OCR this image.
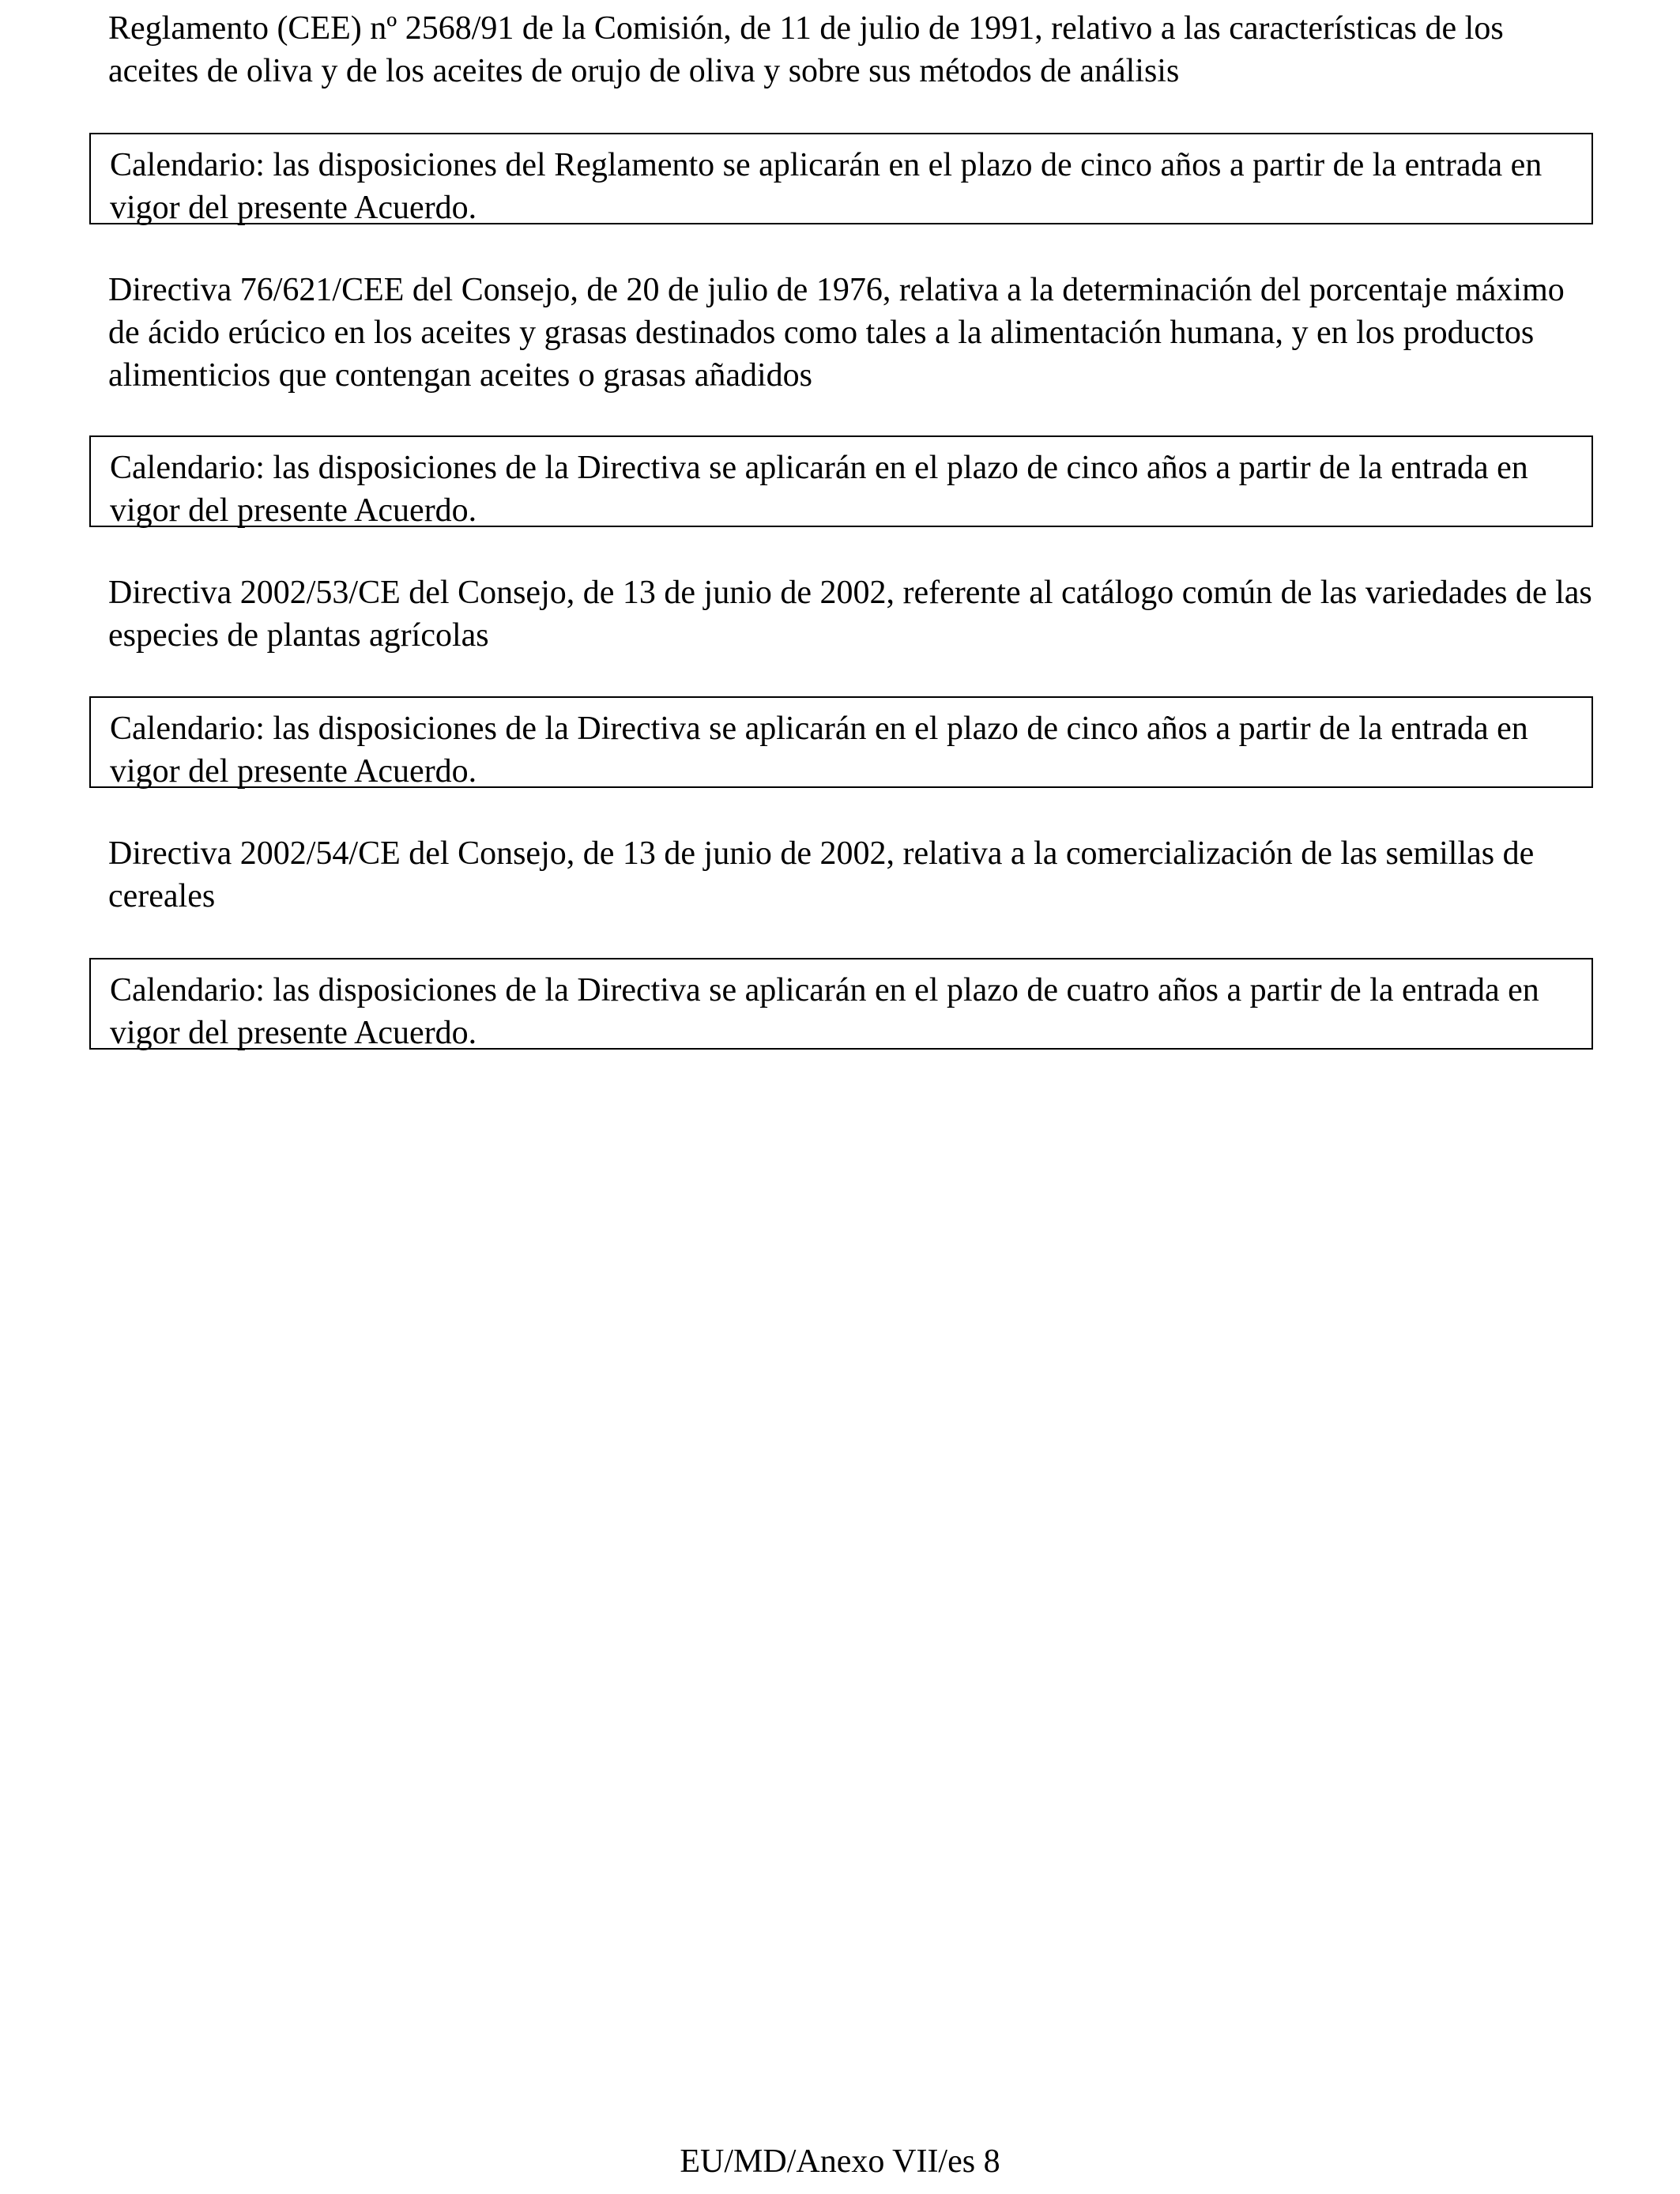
Reglamento (CEE) nº 2568/91 de la Comisión, de 11 de julio de 1991, relativo a las características de los aceites de oliva y de los aceites de orujo de oliva y sobre sus métodos de análisis

Calendario: las disposiciones del Reglamento se aplicarán en el plazo de cinco años a partir de la entrada en vigor del presente Acuerdo.

Directiva 76/621/CEE del Consejo, de 20 de julio de 1976, relativa a la determinación del porcentaje máximo de ácido erúcico en los aceites y grasas destinados como tales a la alimentación humana, y en los productos alimenticios que contengan aceites o grasas añadidos

Calendario: las disposiciones de la Directiva se aplicarán en el plazo de cinco años a partir de la entrada en vigor del presente Acuerdo.

Directiva 2002/53/CE del Consejo, de 13 de junio de 2002, referente al catálogo común de las variedades de las especies de plantas agrícolas

Calendario: las disposiciones de la Directiva se aplicarán en el plazo de cinco años a partir de la entrada en vigor del presente Acuerdo.

Directiva 2002/54/CE del Consejo, de 13 de junio de 2002, relativa a la comercialización de las semillas de cereales

Calendario: las disposiciones de la Directiva se aplicarán en el plazo de cuatro años a partir de la entrada en vigor del presente Acuerdo.
EU/MD/Anexo VII/es 8
